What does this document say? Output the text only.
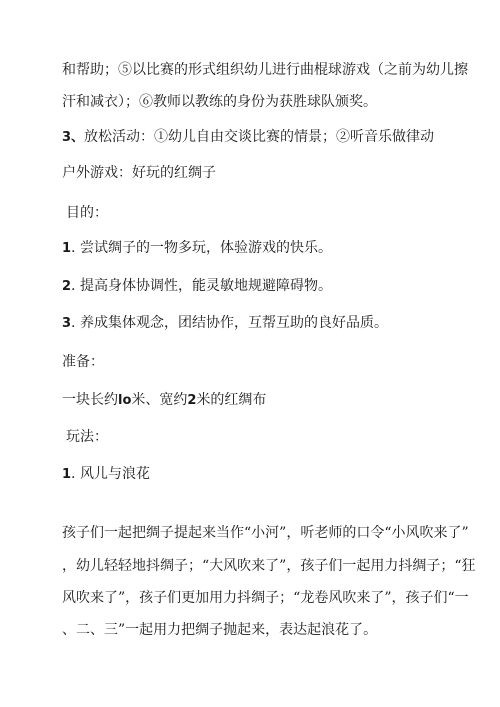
和帮助；⑤以比赛的形式组织幼儿进行曲棍球游戏（之前为幼儿擦
汗和减衣）；⑥教师以教练的身份为获胜球队颁奖。
3、放松活动：①幼儿自由交谈比赛的情景；②听音乐做律动
户外游戏：好玩的红绸子
目的：
1. 尝试绸子的一物多玩，体验游戏的快乐。
2. 提高身体协调性，能灵敏地规避障碍物。
3. 养成集体观念，团结协作，互帮互助的良好品质。
准备：
一块长约lo米、宽约2米的红绸布
玩法：
1. 风儿与浪花
孩子们一起把绸子提起来当作“小河”，听老师的口令“小风吹来了”
，幼儿轻轻地抖绸子；“大风吹来了”，孩子们一起用力抖绸子；“狂
风吹来了”，孩子们更加用力抖绸子；“龙卷风吹来了”，孩子们“一
、二、三”一起用力把绸子抛起来，表达起浪花了。
